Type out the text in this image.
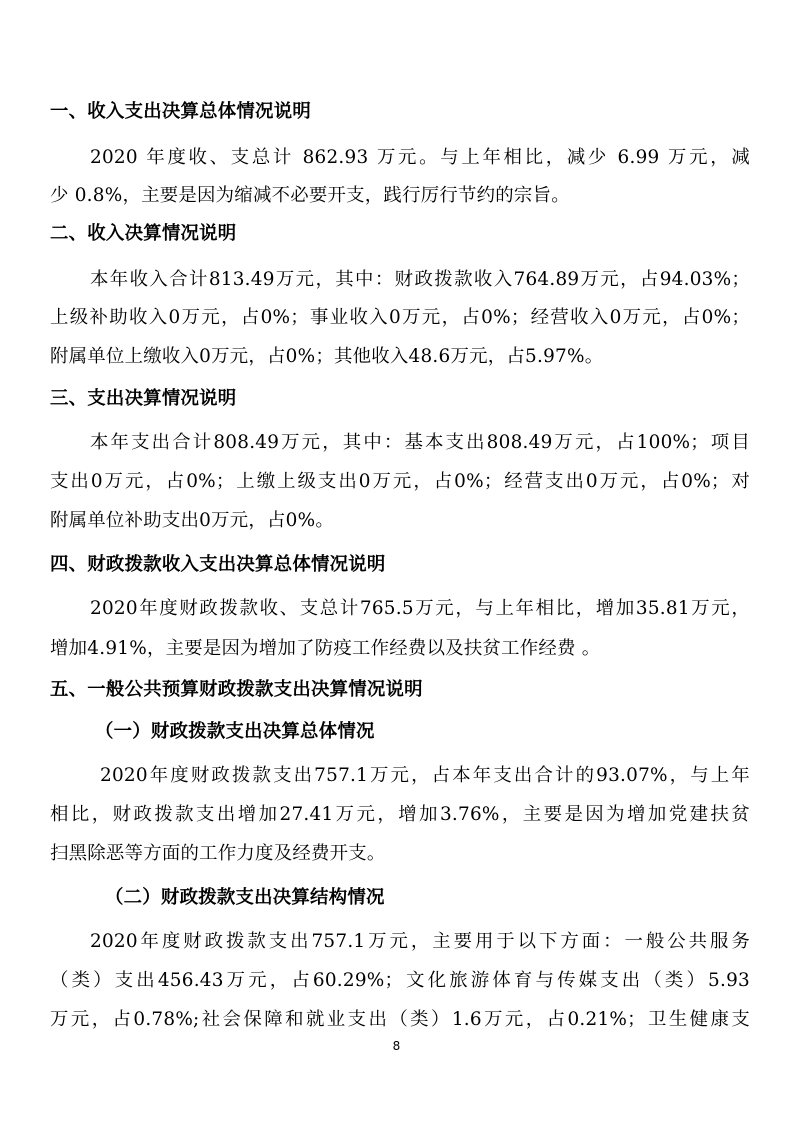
一、收入支出决算总体情况说明
2020 年度收、支总计 862.93 万元。与上年相比，减少 6.99 万元，减
少 0.8%，主要是因为缩减不必要开支，践行厉行节约的宗旨。
二、收入决算情况说明
本年收入合计813.49万元，其中：财政拨款收入764.89万元，占94.03%；
上级补助收入0万元，占0%；事业收入0万元，占0%；经营收入0万元，占0%；
附属单位上缴收入0万元，占0%；其他收入48.6万元，占5.97%。
三、支出决算情况说明
本年支出合计808.49万元，其中：基本支出808.49万元，占100%；项目
支出0万元，占0%；上缴上级支出0万元，占0%；经营支出0万元，占0%；对
附属单位补助支出0万元，占0%。
四、财政拨款收入支出决算总体情况说明
2020年度财政拨款收、支总计765.5万元，与上年相比，增加35.81万元，
增加4.91%，主要是因为增加了防疫工作经费以及扶贫工作经费 。
五、一般公共预算财政拨款支出决算情况说明
（一）财政拨款支出决算总体情况
2020年度财政拨款支出757.1万元，占本年支出合计的93.07%，与上年
相比，财政拨款支出增加27.41万元，增加3.76%，主要是因为增加党建扶贫
扫黑除恶等方面的工作力度及经费开支。
（二）财政拨款支出决算结构情况
2020年度财政拨款支出757.1万元，主要用于以下方面：一般公共服务
（类）支出456.43万元，占60.29%；文化旅游体育与传媒支出（类）5.93
万元，占0.78%;社会保障和就业支出（类）1.6万元，占0.21%；卫生健康支
8
